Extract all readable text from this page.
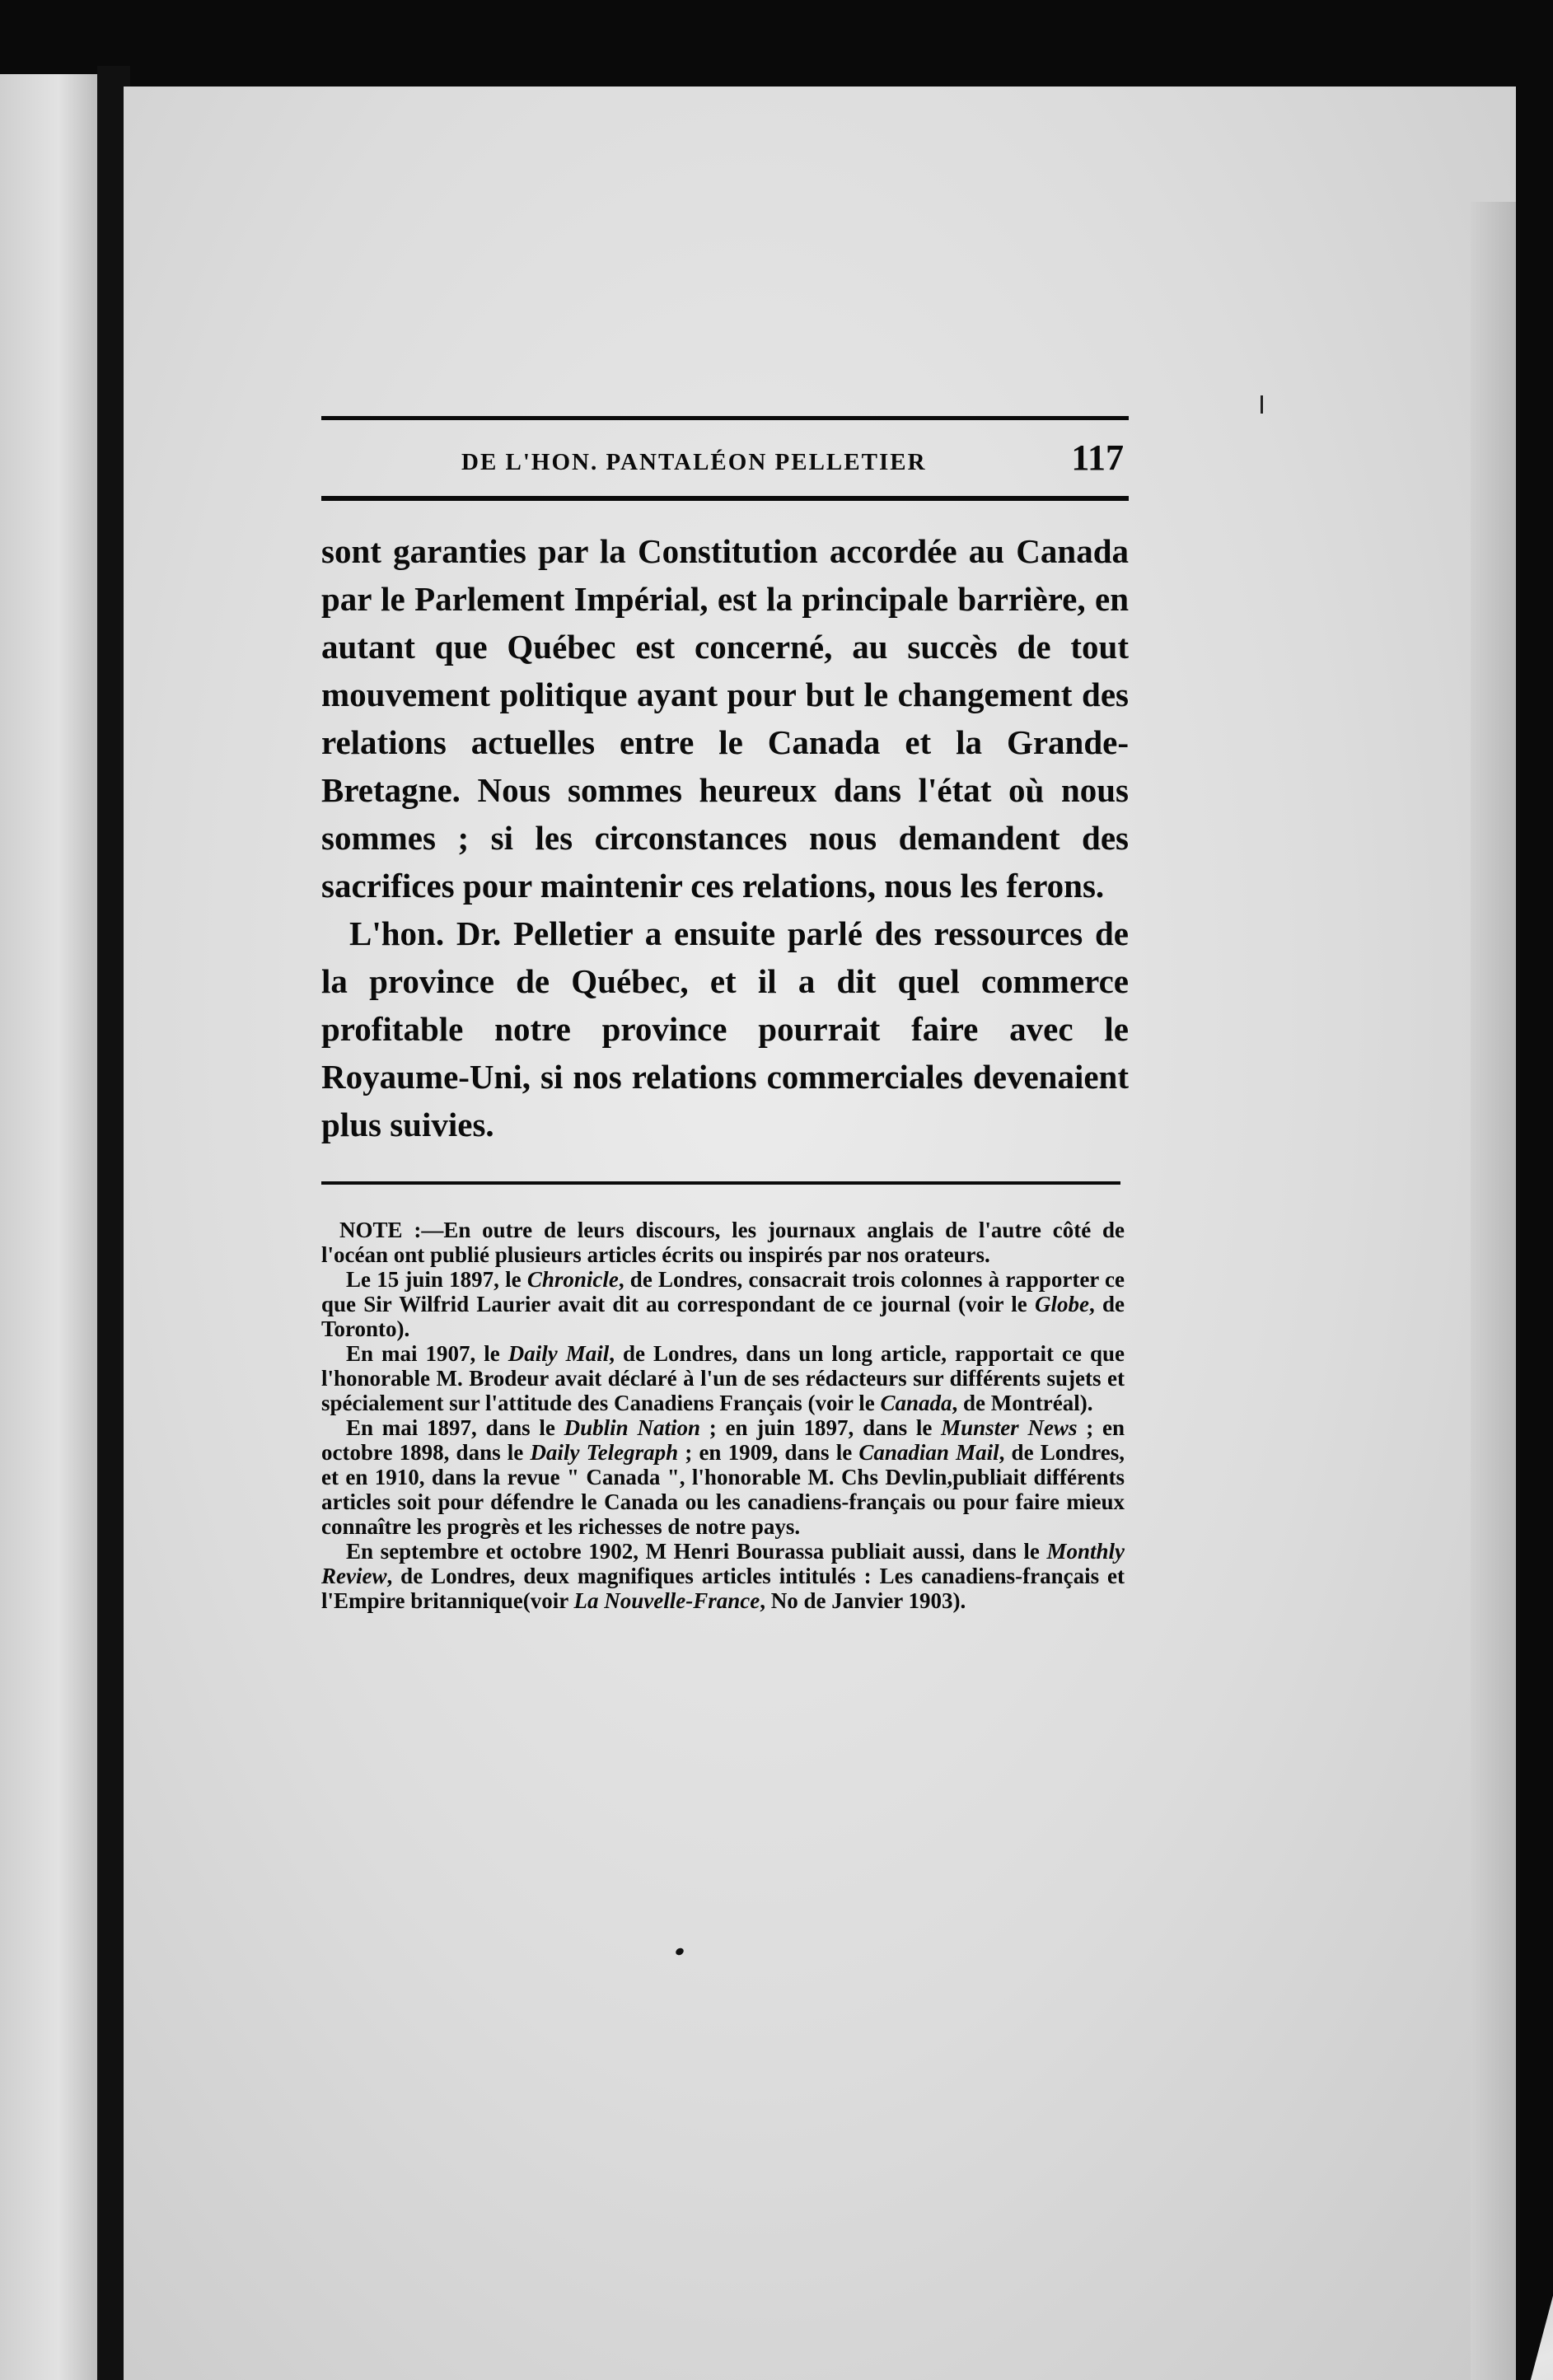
DE L'HON. PANTALÉON PELLETIER	117

sont garanties par la Constitution accordée au Canada par le Parlement Impérial, est la principale barrière, en autant que Québec est concerné, au succès de tout mouvement politique ayant pour but le changement des relations actuelles entre le Canada et la Grande-Bretagne. Nous sommes heureux dans l'état où nous sommes ; si les circonstances nous demandent des sacrifices pour maintenir ces relations, nous les ferons.

L'hon. Dr. Pelletier a ensuite parlé des ressources de la province de Québec, et il a dit quel commerce profitable notre province pourrait faire avec le Royaume-Uni, si nos relations commerciales devenaient plus suivies.

NOTE :—En outre de leurs discours, les journaux anglais de l'autre côté de l'océan ont publié plusieurs articles écrits ou inspirés par nos orateurs.

Le 15 juin 1897, le Chronicle, de Londres, consacrait trois colonnes à rapporter ce que Sir Wilfrid Laurier avait dit au correspondant de ce journal (voir le Globe, de Toronto).

En mai 1907, le Daily Mail, de Londres, dans un long article, rapportait ce que l'honorable M. Brodeur avait déclaré à l'un de ses rédacteurs sur différents sujets et spécialement sur l'attitude des Canadiens Français (voir le Canada, de Montréal).

En mai 1897, dans le Dublin Nation ; en juin 1897, dans le Munster News ; en octobre 1898, dans le Daily Telegraph ; en 1909, dans le Canadian Mail, de Londres, et en 1910, dans la revue " Canada ", l'honorable M. Chs Devlin,publiait différents articles soit pour défendre le Canada ou les canadiens-français ou pour faire mieux connaître les progrès et les richesses de notre pays.

En septembre et octobre 1902, M Henri Bourassa publiait aussi, dans le Monthly Review, de Londres, deux magnifiques articles intitulés : Les canadiens-français et l'Empire britannique(voir La Nouvelle-France, No de Janvier 1903).
